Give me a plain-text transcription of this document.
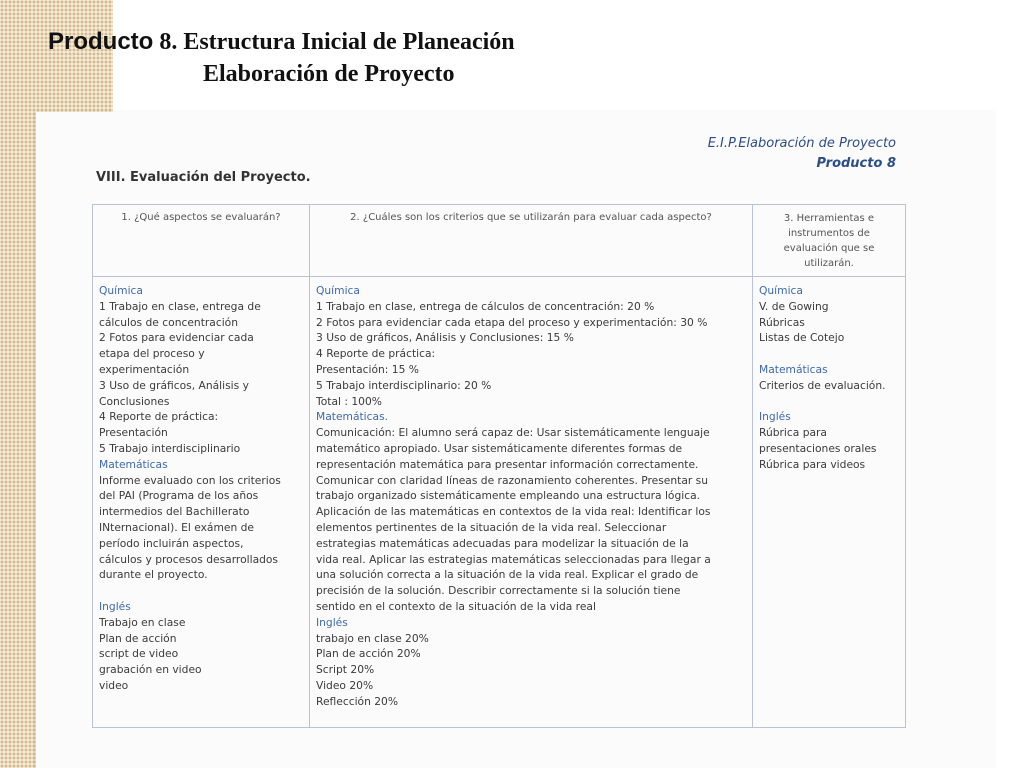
Producto 8. Estructura Inicial de Planeación
Elaboración de Proyecto
E.I.P.Elaboración de Proyecto
Producto 8
VIII. Evaluación del Proyecto.
1. ¿Qué aspectos se evaluarán?
Química
1 Trabajo en clase, entrega de
cálculos de concentración
2 Fotos para evidenciar cada
etapa del proceso y
experimentación
3 Uso de gráficos, Análisis y
Conclusiones
4 Reporte de práctica:
Presentación
5 Trabajo interdisciplinario
Matemáticas
Informe evaluado con los criterios
del PAI (Programa de los años
intermedios del Bachillerato
INternacional). El exámen de
período incluirán aspectos,
cálculos y procesos desarrollados
durante el proyecto.
Inglés
Trabajo en clase
Plan de acción
script de video
grabación en video
video
2. ¿Cuáles son los criterios que se utilizarán para evaluar cada aspecto?
Química
1 Trabajo en clase, entrega de cálculos de concentración: 20 %
2 Fotos para evidenciar cada etapa del proceso y experimentación: 30 %
3 Uso de gráficos, Análisis y Conclusiones: 15 %
4 Reporte de práctica:
Presentación: 15 %
5 Trabajo interdisciplinario: 20 %
Total : 100%
Matemáticas.
Comunicación: El alumno será capaz de: Usar sistemáticamente lenguaje
matemático apropiado. Usar sistemáticamente diferentes formas de
representación matemática para presentar información correctamente.
Comunicar con claridad líneas de razonamiento coherentes. Presentar su
trabajo organizado sistemáticamente empleando una estructura lógica.
Aplicación de las matemáticas en contextos de la vida real: Identificar los
elementos pertinentes de la situación de la vida real. Seleccionar
estrategias matemáticas adecuadas para modelizar la situación de la
vida real. Aplicar las estrategias matemáticas seleccionadas para llegar a
una solución correcta a la situación de la vida real. Explicar el grado de
precisión de la solución. Describir correctamente si la solución tiene
sentido en el contexto de la situación de la vida real
Inglés
trabajo en clase 20%
Plan de acción 20%
Script 20%
Video 20%
Reflección 20%
3. Herramientas e
instrumentos de
evaluación que se
utilizarán.
Química
V. de Gowing
Rúbricas
Listas de Cotejo
Matemáticas
Criterios de evaluación.
Inglés
Rúbrica para
presentaciones orales
Rúbrica para videos
